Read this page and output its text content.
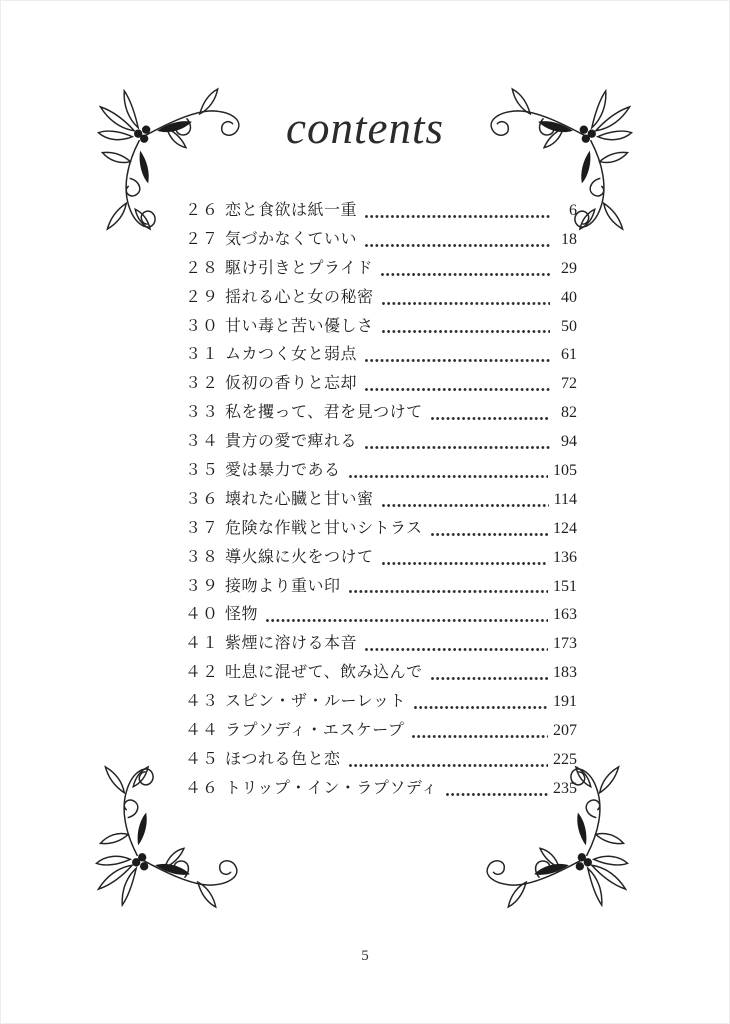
contents
２６ 恋と食欲は紙一重	6
２７ 気づかなくていい	18
２８ 駆け引きとプライド	29
２９ 揺れる心と女の秘密	40
３０ 甘い毒と苦い優しさ	50
３１ ムカつく女と弱点	61
３２ 仮初の香りと忘却	72
３３ 私を攫って、君を見つけて	82
３４ 貴方の愛で痺れる	94
３５ 愛は暴力である	105
３６ 壊れた心臓と甘い蜜	114
３７ 危険な作戦と甘いシトラス	124
３８ 導火線に火をつけて	136
３９ 接吻より重い印	151
４０ 怪物	163
４１ 紫煙に溶ける本音	173
４２ 吐息に混ぜて、飲み込んで	183
４３ スピン・ザ・ルーレット	191
４４ ラプソディ・エスケープ	207
４５ ほつれる色と恋	225
４６ トリップ・イン・ラプソディ	235
5
